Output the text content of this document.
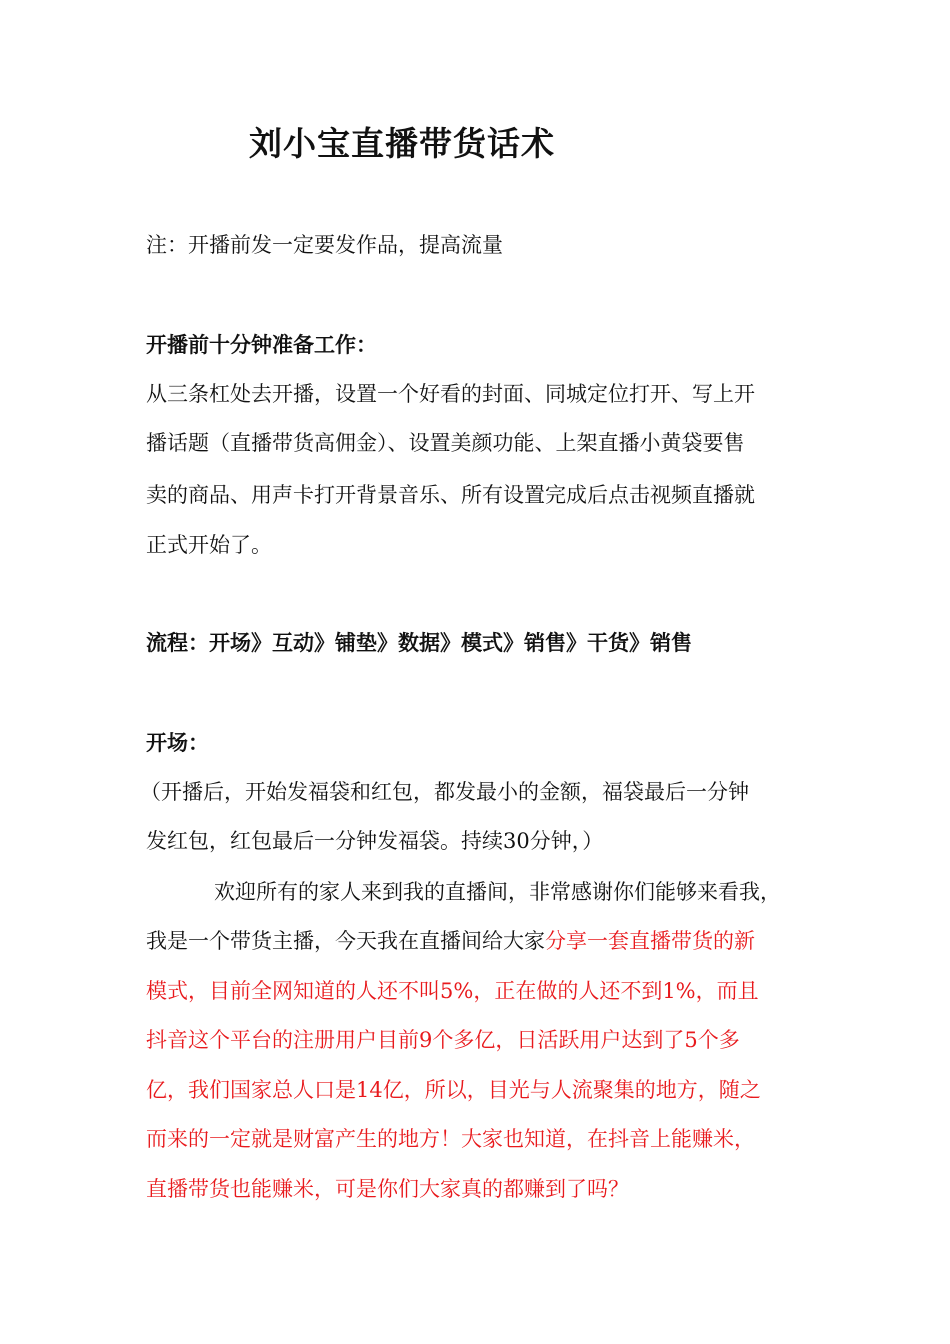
刘小宝直播带货话术

注：开播前发一定要发作品，提高流量

开播前十分钟准备工作：

从三条杠处去开播，设置一个好看的封面、同城定位打开、写上开

播话题（直播带货高佣金）、设置美颜功能、上架直播小黄袋要售

卖的商品、用声卡打开背景音乐、所有设置完成后点击视频直播就

正式开始了。

流程：开场》互动》铺垫》数据》模式》销售》干货》销售

开场：

（开播后，开始发福袋和红包，都发最小的金额，福袋最后一分钟

发红包，红包最后一分钟发福袋。持续30分钟，）

欢迎所有的家人来到我的直播间，非常感谢你们能够来看我，

我是一个带货主播，今天我在直播间给大家分享一套直播带货的新

模式，目前全网知道的人还不叫5%，正在做的人还不到1%，而且

抖音这个平台的注册用户目前9个多亿，日活跃用户达到了5个多

亿，我们国家总人口是14亿，所以，目光与人流聚集的地方，随之

而来的一定就是财富产生的地方！大家也知道，在抖音上能赚米，

直播带货也能赚米，可是你们大家真的都赚到了吗？
